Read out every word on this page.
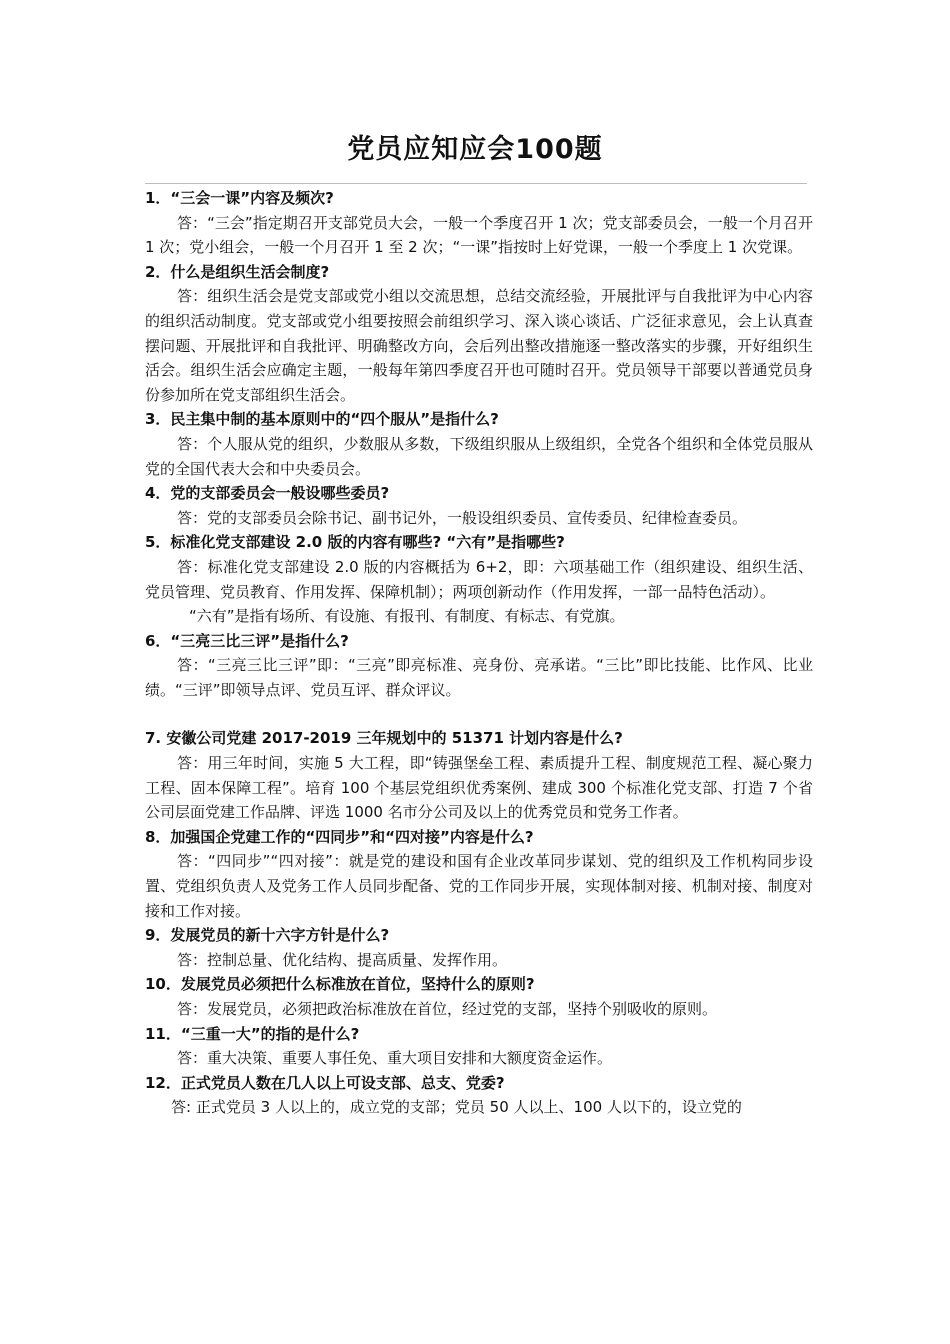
党员应知应会100题

1．“三会一课”内容及频次?

答：“三会”指定期召开支部党员大会，一般一个季度召开 1 次；党支部委员会，一般一个月召开 1 次；党小组会，一般一个月召开 1 至 2 次；“一课”指按时上好党课，一般一个季度上 1 次党课。

2．什么是组织生活会制度?

答：组织生活会是党支部或党小组以交流思想，总结交流经验，开展批评与自我批评为中心内容的组织活动制度。党支部或党小组要按照会前组织学习、深入谈心谈话、广泛征求意见，会上认真查摆问题、开展批评和自我批评、明确整改方向，会后列出整改措施逐一整改落实的步骤，开好组织生活会。组织生活会应确定主题，一般每年第四季度召开也可随时召开。党员领导干部要以普通党员身份参加所在党支部组织生活会。

3．民主集中制的基本原则中的“四个服从”是指什么?

答：个人服从党的组织，少数服从多数，下级组织服从上级组织，全党各个组织和全体党员服从党的全国代表大会和中央委员会。

4．党的支部委员会一般设哪些委员?

答：党的支部委员会除书记、副书记外，一般设组织委员、宣传委员、纪律检查委员。

5．标准化党支部建设 2.0 版的内容有哪些? “六有”是指哪些?

答：标准化党支部建设 2.0 版的内容概括为 6+2，即：六项基础工作（组织建设、组织生活、党员管理、党员教育、作用发挥、保障机制）；两项创新动作（作用发挥，一部一品特色活动）。

“六有”是指有场所、有设施、有报刊、有制度、有标志、有党旗。

6．“三亮三比三评”是指什么?

答：“三亮三比三评”即：“三亮”即亮标准、亮身份、亮承诺。“三比”即比技能、比作风、比业绩。“三评”即领导点评、党员互评、群众评议。

7. 安徽公司党建 2017-2019 三年规划中的 51371 计划内容是什么?

答：用三年时间，实施 5 大工程，即“铸强堡垒工程、素质提升工程、制度规范工程、凝心聚力工程、固本保障工程”。培育 100 个基层党组织优秀案例、建成 300 个标准化党支部、打造 7 个省公司层面党建工作品牌、评选 1000 名市分公司及以上的优秀党员和党务工作者。

8．加强国企党建工作的“四同步”和“四对接”内容是什么?

答：“四同步”“四对接”：就是党的建设和国有企业改革同步谋划、党的组织及工作机构同步设置、党组织负责人及党务工作人员同步配备、党的工作同步开展，实现体制对接、机制对接、制度对接和工作对接。

9．发展党员的新十六字方针是什么?

答：控制总量、优化结构、提高质量、发挥作用。

10．发展党员必须把什么标准放在首位，坚持什么的原则?

答：发展党员，必须把政治标准放在首位，经过党的支部，坚持个别吸收的原则。

11．“三重一大”的指的是什么?

答：重大决策、重要人事任免、重大项目安排和大额度资金运作。

12．正式党员人数在几人以上可设支部、总支、党委?

答: 正式党员 3 人以上的，成立党的支部；党员 50 人以上、100 人以下的，设立党的
